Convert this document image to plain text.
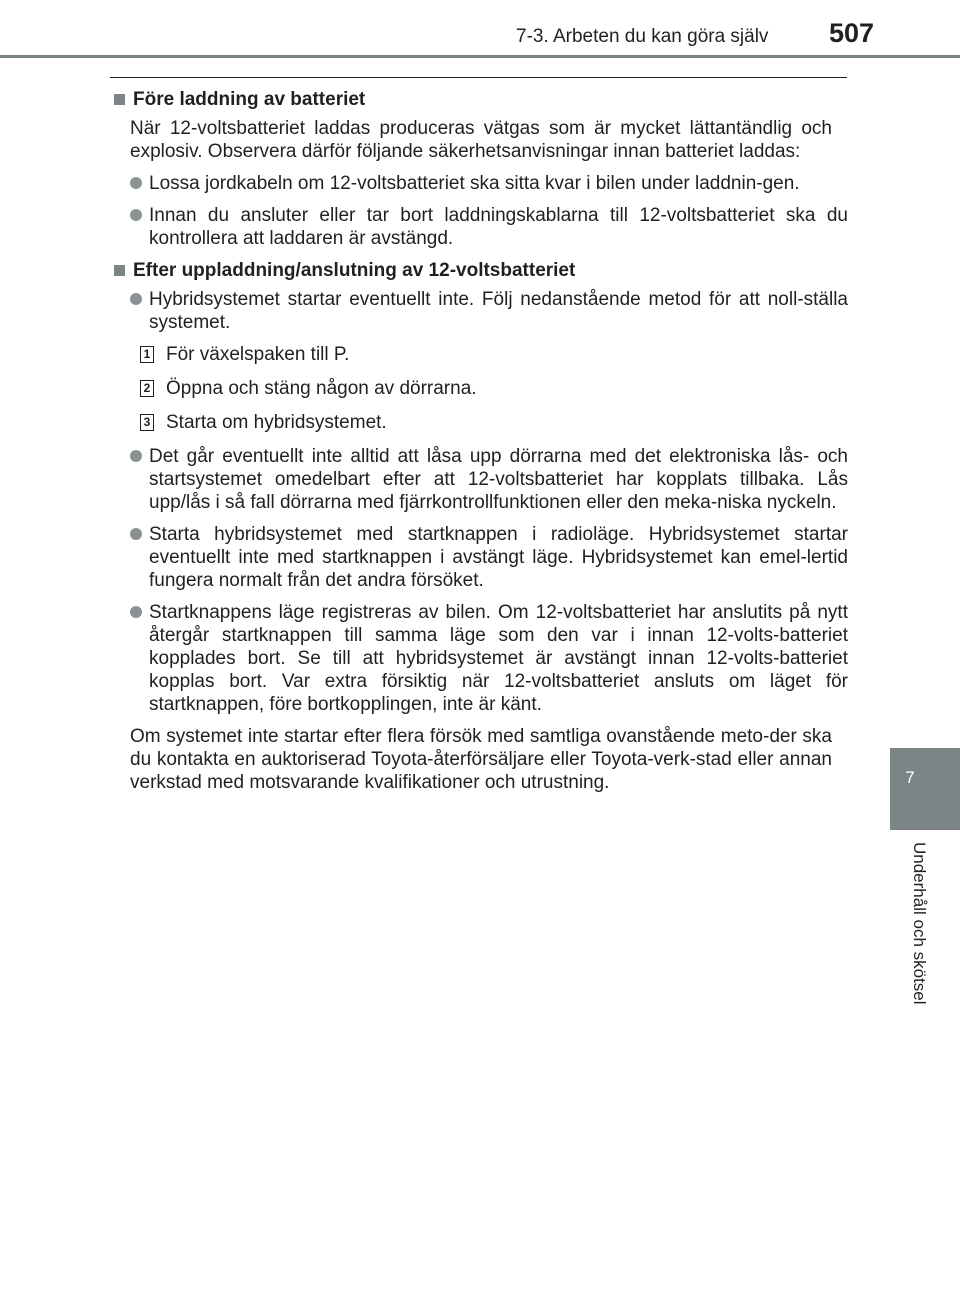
7-3. Arbeten du kan göra själv 507
7
Underhåll och skötsel
Före laddning av batteriet

När 12-voltsbatteriet laddas produceras vätgas som är mycket lättantändlig och explosiv. Observera därför följande säkerhetsanvisningar innan batteriet laddas:

Lossa jordkabeln om 12-voltsbatteriet ska sitta kvar i bilen under laddnin-gen.
Innan du ansluter eller tar bort laddningskablarna till 12-voltsbatteriet ska du kontrollera att laddaren är avstängd.
Efter uppladdning/anslutning av 12-voltsbatteriet
Hybridsystemet startar eventuellt inte. Följ nedanstående metod för att noll-ställa systemet.
1 För växelspaken till P.
2 Öppna och stäng någon av dörrarna.
3 Starta om hybridsystemet.
Det går eventuellt inte alltid att låsa upp dörrarna med det elektroniska lås- och startsystemet omedelbart efter att 12-voltsbatteriet har kopplats tillbaka. Lås upp/lås i så fall dörrarna med fjärrkontrollfunktionen eller den meka-niska nyckeln.
Starta hybridsystemet med startknappen i radioläge. Hybridsystemet startar eventuellt inte med startknappen i avstängt läge. Hybridsystemet kan emel-lertid fungera normalt från det andra försöket.
Startknappens läge registreras av bilen. Om 12-voltsbatteriet har anslutits på nytt återgår startknappen till samma läge som den var i innan 12-volts-batteriet kopplades bort. Se till att hybridsystemet är avstängt innan 12-volts-batteriet kopplas bort. Var extra försiktig när 12-voltsbatteriet ansluts om läget för startknappen, före bortkopplingen, inte är känt.

Om systemet inte startar efter flera försök med samtliga ovanstående meto-der ska du kontakta en auktoriserad Toyota-återförsäljare eller Toyota-verk-stad eller annan verkstad med motsvarande kvalifikationer och utrustning.
